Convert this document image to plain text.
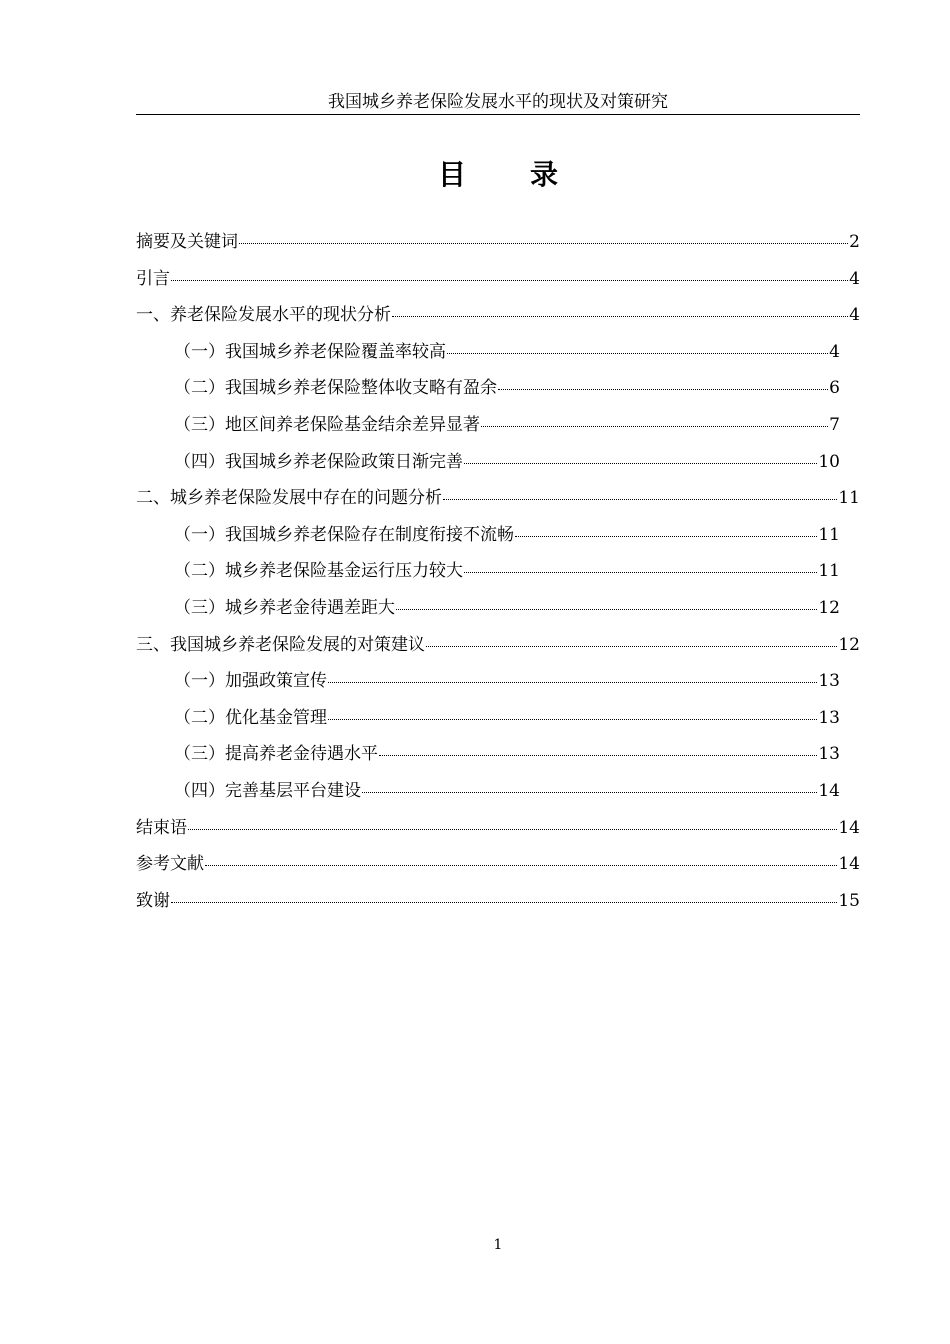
我国城乡养老保险发展水平的现状及对策研究
目 录
摘要及关键词	2
引言	4
一、养老保险发展水平的现状分析	4
（一）我国城乡养老保险覆盖率较高	4
（二）我国城乡养老保险整体收支略有盈余	6
（三）地区间养老保险基金结余差异显著	7
（四）我国城乡养老保险政策日渐完善	10
二、城乡养老保险发展中存在的问题分析	11
（一）我国城乡养老保险存在制度衔接不流畅	11
（二）城乡养老保险基金运行压力较大	11
（三）城乡养老金待遇差距大	12
三、我国城乡养老保险发展的对策建议	12
（一）加强政策宣传	13
（二）优化基金管理	13
（三）提高养老金待遇水平	13
（四）完善基层平台建设	14
结束语	14
参考文献	14
致谢	15
1
